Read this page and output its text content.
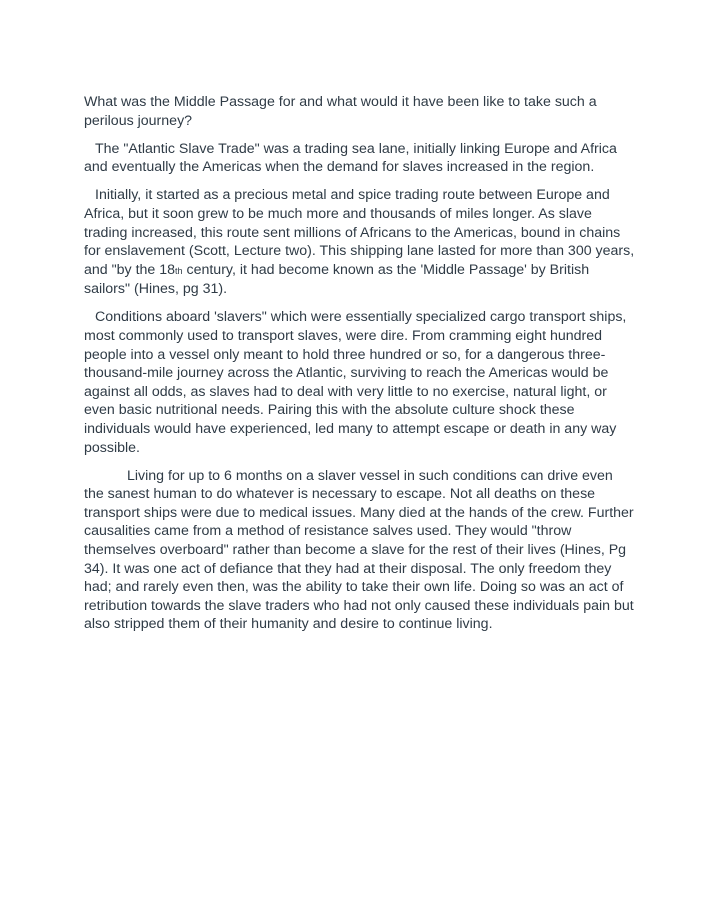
What was the Middle Passage for and what would it have been like to take such a perilous journey?

The "Atlantic Slave Trade" was a trading sea lane, initially linking Europe and Africa and eventually the Americas when the demand for slaves increased in the region.

Initially, it started as a precious metal and spice trading route between Europe and Africa, but it soon grew to be much more and thousands of miles longer. As slave trading increased, this route sent millions of Africans to the Americas, bound in chains for enslavement (Scott, Lecture two). This shipping lane lasted for more than 300 years, and "by the 18th century, it had become known as the 'Middle Passage' by British sailors" (Hines, pg 31).

Conditions aboard 'slavers" which were essentially specialized cargo transport ships, most commonly used to transport slaves, were dire. From cramming eight hundred people into a vessel only meant to hold three hundred or so, for a dangerous three-thousand-mile journey across the Atlantic, surviving to reach the Americas would be against all odds, as slaves had to deal with very little to no exercise, natural light, or even basic nutritional needs. Pairing this with the absolute culture shock these individuals would have experienced, led many to attempt escape or death in any way possible.

Living for up to 6 months on a slaver vessel in such conditions can drive even the sanest human to do whatever is necessary to escape. Not all deaths on these transport ships were due to medical issues. Many died at the hands of the crew. Further causalities came from a method of resistance salves used. They would "throw themselves overboard" rather than become a slave for the rest of their lives (Hines, Pg 34). It was one act of defiance that they had at their disposal. The only freedom they had; and rarely even then, was the ability to take their own life. Doing so was an act of retribution towards the slave traders who had not only caused these individuals pain but also stripped them of their humanity and desire to continue living.
